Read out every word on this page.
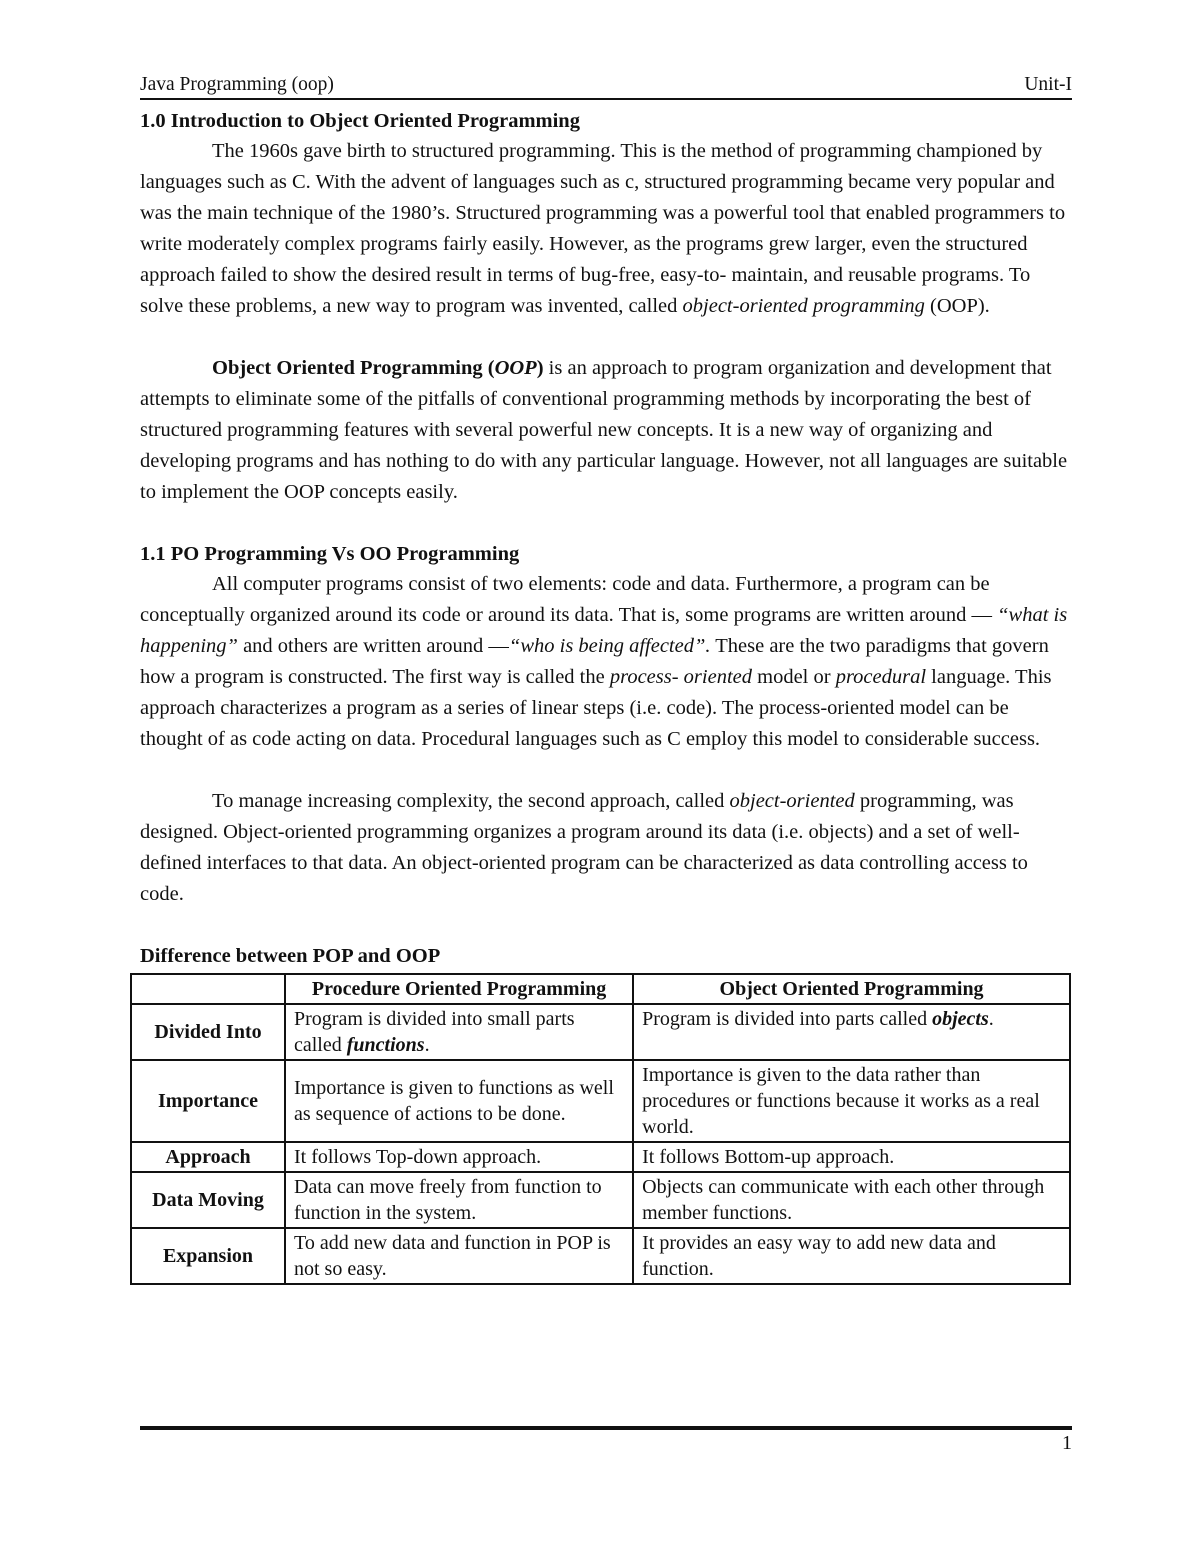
Java Programming (oop)	Unit-I
1.0 Introduction to Object Oriented Programming

The 1960s gave birth to structured programming. This is the method of programming championed by languages such as C. With the advent of languages such as c, structured programming became very popular and was the main technique of the 1980’s. Structured programming was a powerful tool that enabled programmers to write moderately complex programs fairly easily. However, as the programs grew larger, even the structured approach failed to show the desired result in terms of bug-free, easy-to- maintain, and reusable programs. To solve these problems, a new way to program was invented, called object-oriented programming (OOP).

Object Oriented Programming (OOP) is an approach to program organization and development that attempts to eliminate some of the pitfalls of conventional programming methods by incorporating the best of structured programming features with several powerful new concepts. It is a new way of organizing and developing programs and has nothing to do with any particular language. However, not all languages are suitable to implement the OOP concepts easily.

1.1 PO Programming Vs OO Programming

All computer programs consist of two elements: code and data. Furthermore, a program can be conceptually organized around its code or around its data. That is, some programs are written around — “what is happening” and others are written around —“who is being affected”. These are the two paradigms that govern how a program is constructed. The first way is called the process- oriented model or procedural language. This approach characterizes a program as a series of linear steps (i.e. code). The process-oriented model can be thought of as code acting on data. Procedural languages such as C employ this model to considerable success.

To manage increasing complexity, the second approach, called object-oriented programming, was designed. Object-oriented programming organizes a program around its data (i.e. objects) and a set of well-defined interfaces to that data. An object-oriented program can be characterized as data controlling access to code.

Difference between POP and OOP
	Procedure Oriented Programming	Object Oriented Programming
Divided Into	Program is divided into small parts called functions.	Program is divided into parts called objects.
Importance	Importance is given to functions as well as sequence of actions to be done.	Importance is given to the data rather than procedures or functions because it works as a real world.
Approach	It follows Top-down approach.	It follows Bottom-up approach.
Data Moving	Data can move freely from function to function in the system.	Objects can communicate with each other through member functions.
Expansion	To add new data and function in POP is not so easy.	It provides an easy way to add new data and function.
1
